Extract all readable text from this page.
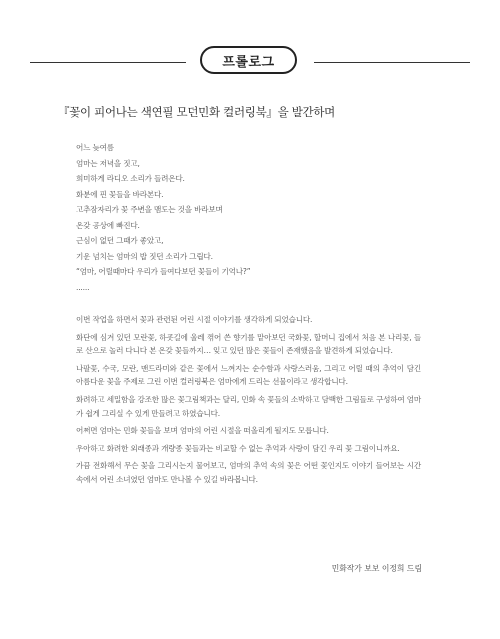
프롤로그
『꽃이 피어나는 색연필 모던민화 컬러링북』을 발간하며
어느 늦여름
엄마는 저녁을 짓고,
희미하게 라디오 소리가 들려온다.
화분에 핀 꽃들을 바라본다.
고추잠자리가 꽃 주변을 맴도는 것을 바라보며
온갖 공상에 빠진다.
근심이 없던 그때가 좋았고,
기운 넘치는 엄마의 밥 짓던 소리가 그립다.
“엄마, 어릴때마다 우리가 들여다보던 꽃들이 기억나?”
......

이번 작업을 하면서 꽃과 관련된 어린 시절 이야기를 생각하게 되었습니다.

화단에 심겨 있던 모란꽃, 하굣길에 울레 꺾어 쓴 향기를 맡아보던 국화꽃, 할머니 집에서 처음 본 나리꽃, 들로 산으로 놀러 다니다 본 온갖 꽃들까지… 잊고 있던 많은 꽃들이 존재했음을 발견하게 되었습니다.

나팔꽃, 수국, 모란, 맨드라미와 같은 꽃에서 느껴지는 순수함과 사랑스러움, 그리고 어릴 때의 추억이 담긴 아름다운 꽃을 주제로 그린 이번 컬러링북은 엄마에게 드리는 선물이라고 생각합니다.

화려하고 세밀함을 강조한 많은 꽃그림책과는 달리, 민화 속 꽃들의 소박하고 담백한 그림들로 구성하여 엄마가 쉽게 그리실 수 있게 만들려고 하였습니다.

어쩌면 엄마는 민화 꽃들을 보며 엄마의 어린 시절을 떠올리게 될지도 모릅니다.

우아하고 화려한 외래종과 개량종 꽃들과는 비교할 수 없는 추억과 사랑이 담긴 우리 꽃 그림이니까요.

가끔 전화해서 무슨 꽃을 그리시는지 물어보고, 엄마의 추억 속의 꽃은 어떤 꽃인지도 이야기 들어보는 시간 속에서 어린 소녀였던 엄마도 만나볼 수 있길 바라봅니다.

민화작가 보보 이정희 드림
